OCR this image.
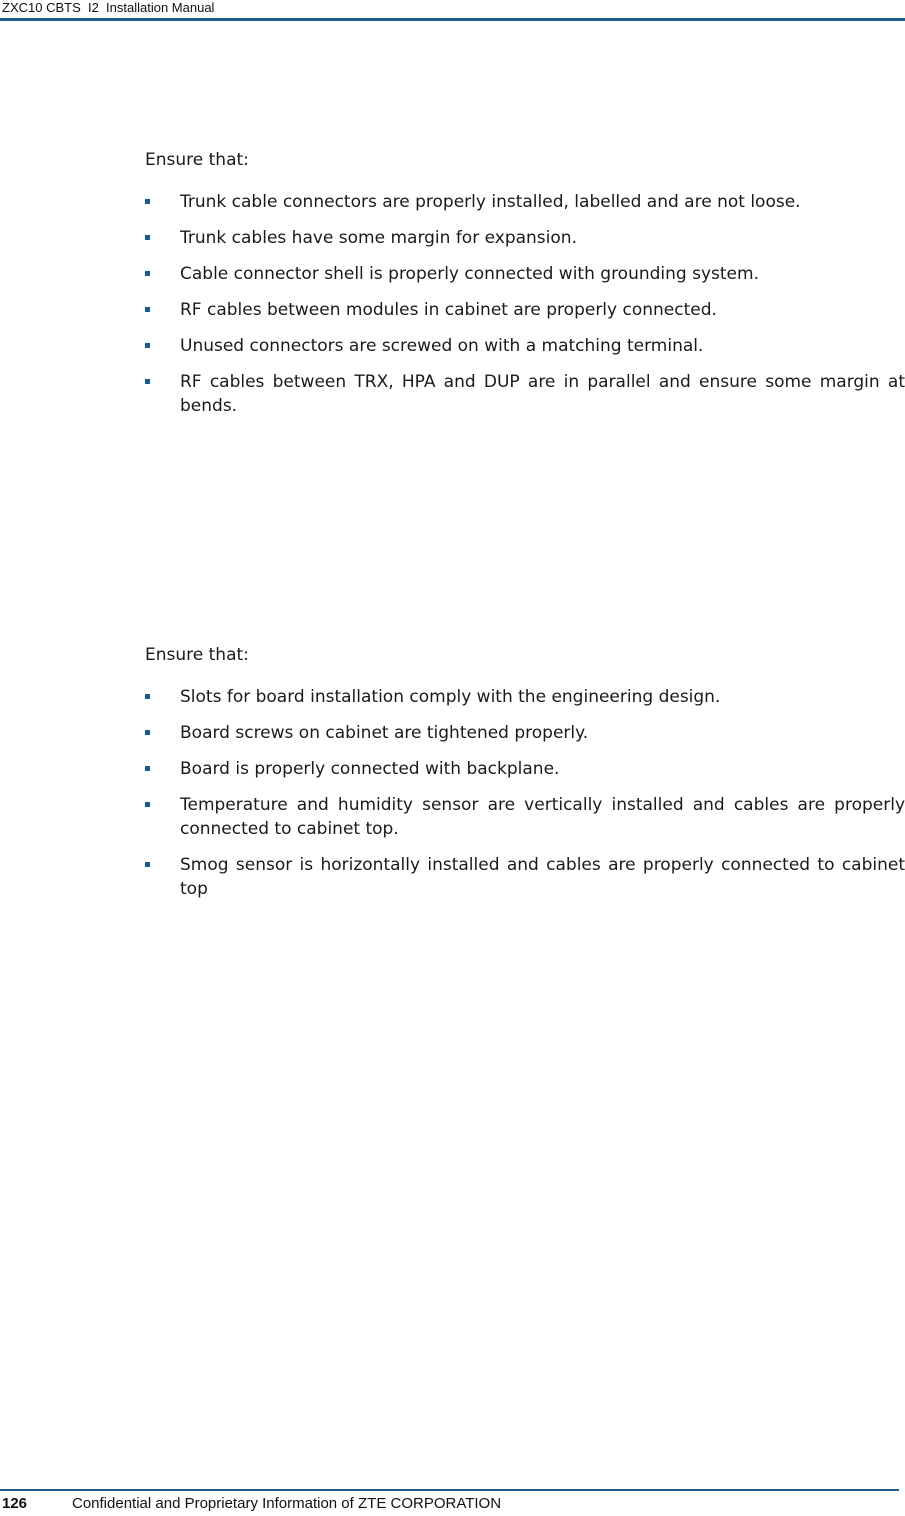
ZXC10 CBTS  I2  Installation Manual

Ensure that:

Trunk cable connectors are properly installed, labelled and are not loose.
Trunk cables have some margin for expansion.
Cable connector shell is properly connected with grounding system.
RF cables between modules in cabinet are properly connected.
Unused connectors are screwed on with a matching terminal.
RF cables between TRX, HPA and DUP are in parallel and ensure some margin at bends.

Ensure that:

Slots for board installation comply with the engineering design.
Board screws on cabinet are tightened properly.
Board is properly connected with backplane.
Temperature and humidity sensor are vertically installed and cables are properly connected to cabinet top.
Smog sensor is horizontally installed and cables are properly connected to cabinet top
126	Confidential and Proprietary Information of ZTE CORPORATION
